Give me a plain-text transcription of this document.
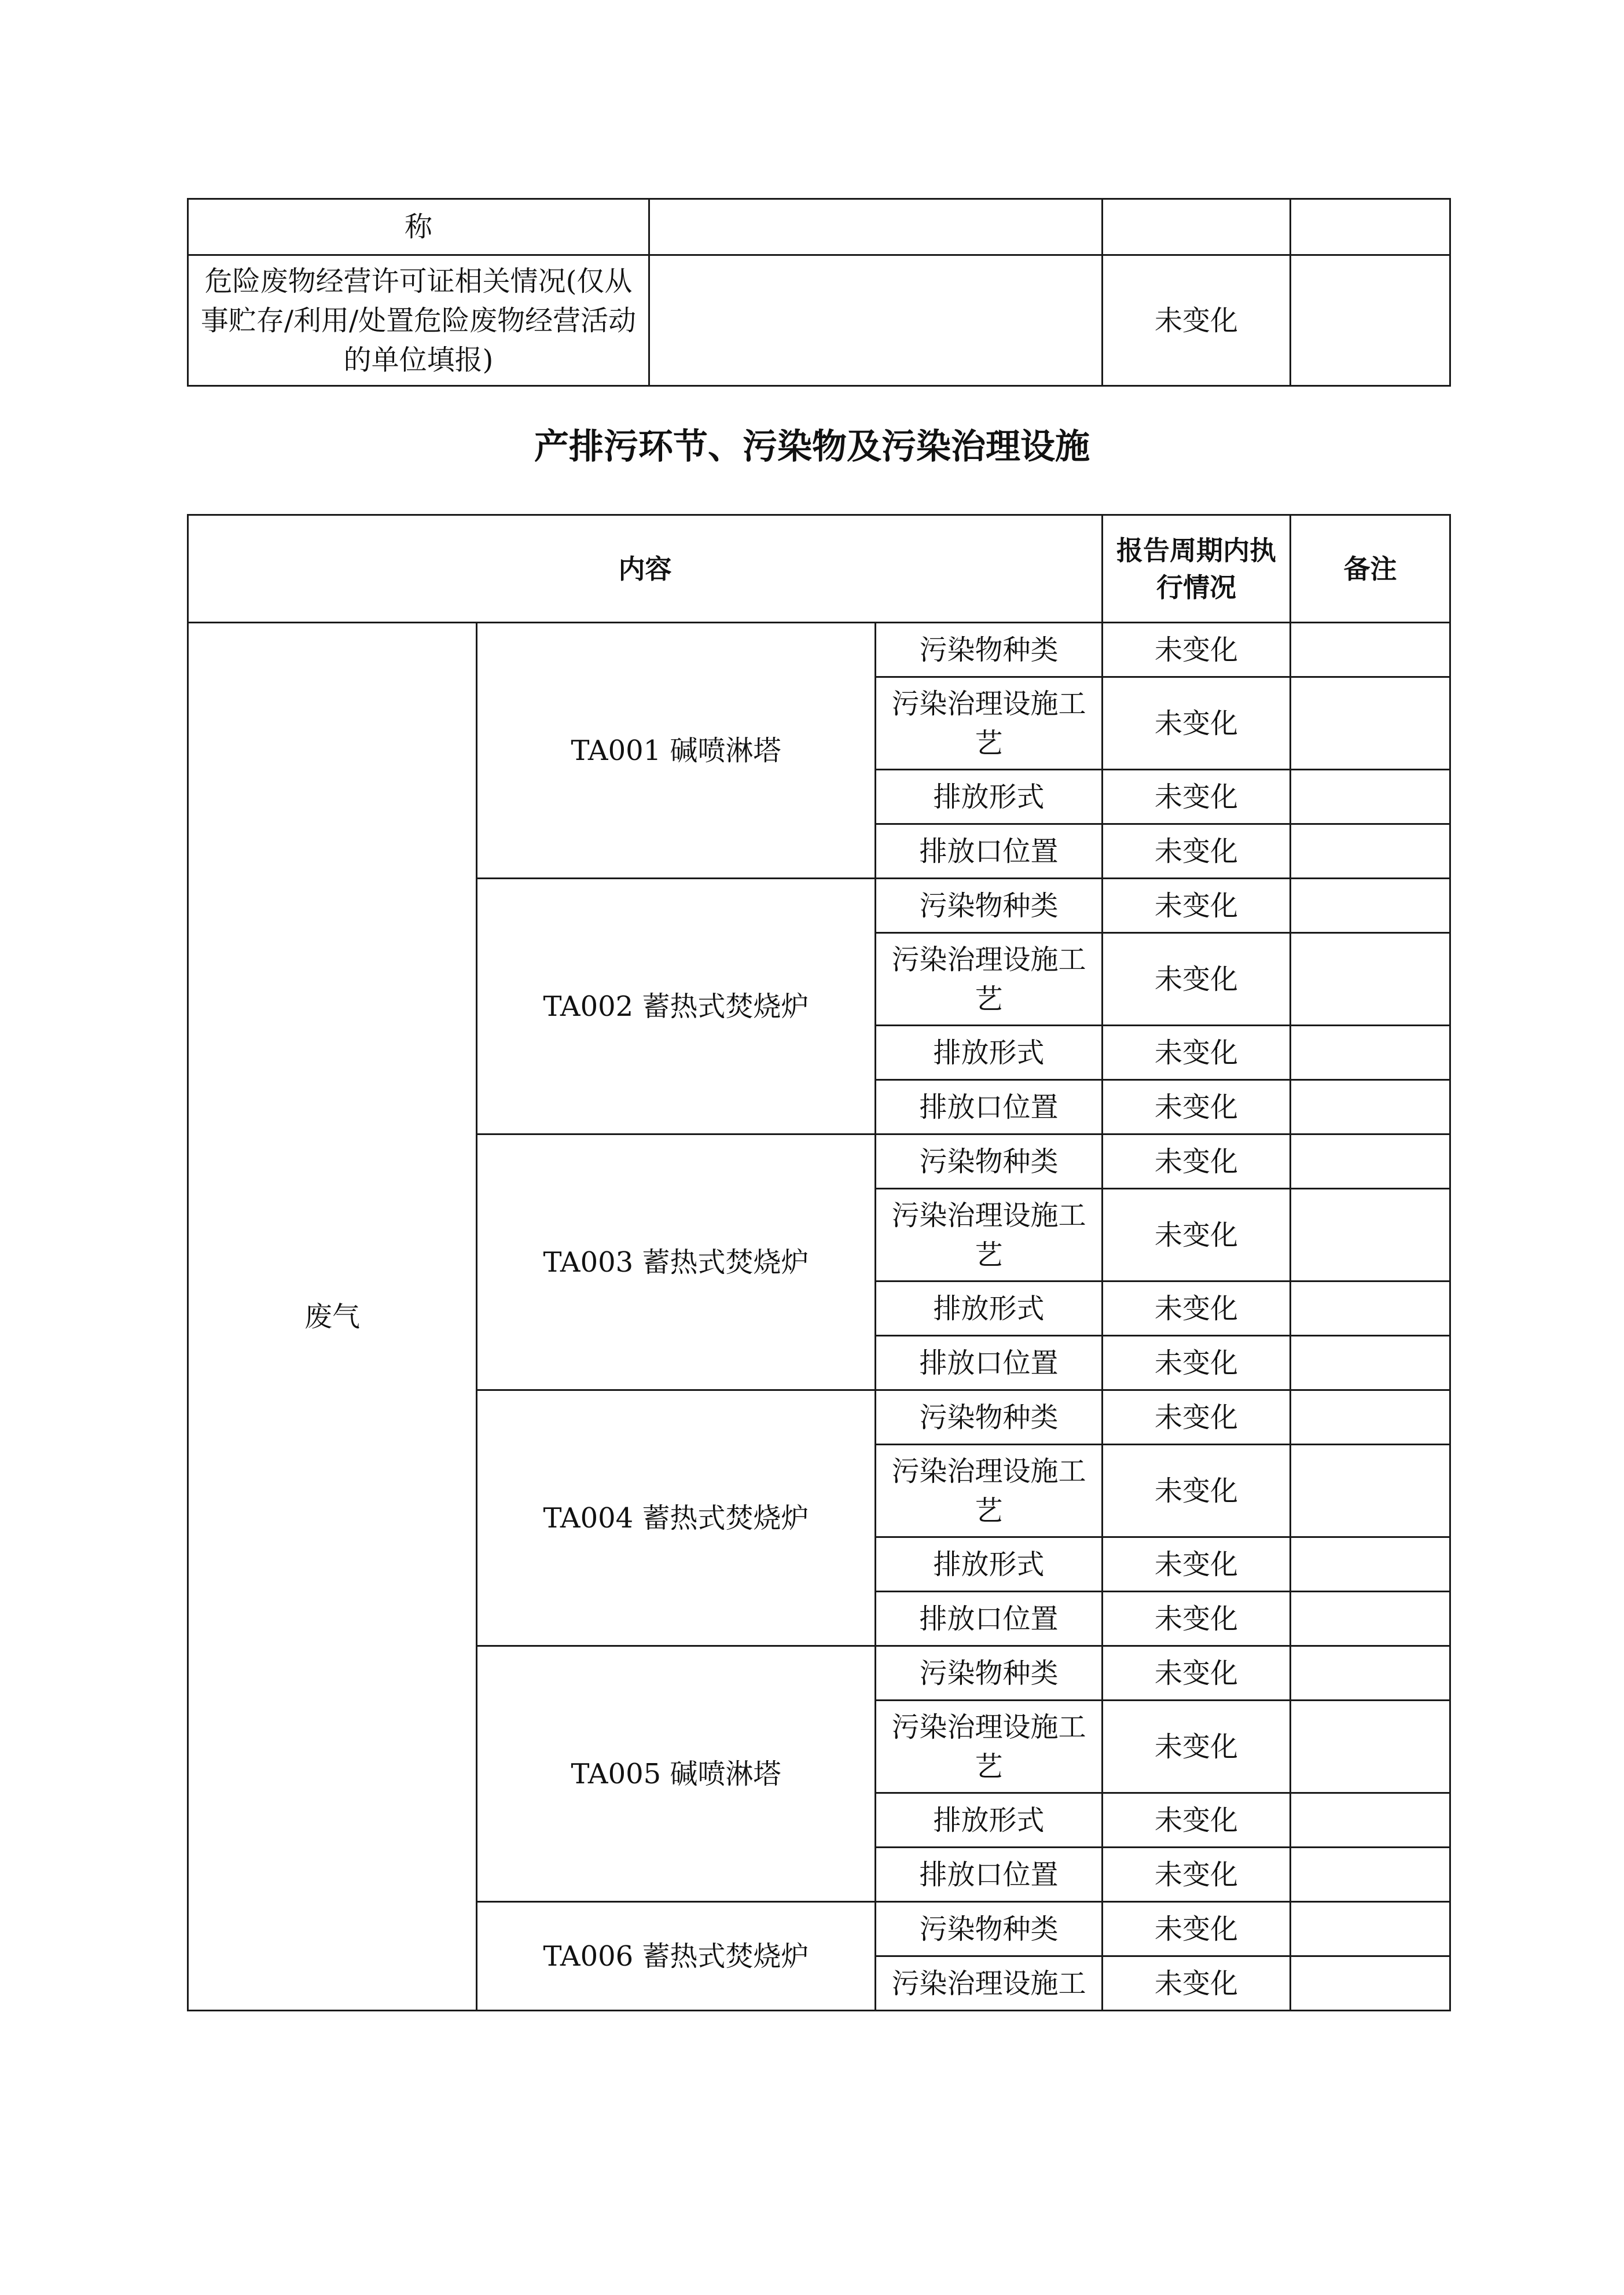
称			
危险废物经营许可证相关情况(仅从事贮存/利用/处置危险废物经营活动的单位填报)		未变化	
产排污环节、污染物及污染治理设施
内容			报告周期内执行情况	备注
废气	TA001 碱喷淋塔	污染物种类	未变化	
		污染治理设施工艺	未变化	
		排放形式	未变化	
		排放口位置	未变化	
	TA002 蓄热式焚烧炉	污染物种类	未变化	
		污染治理设施工艺	未变化	
		排放形式	未变化	
		排放口位置	未变化	
	TA003 蓄热式焚烧炉	污染物种类	未变化	
		污染治理设施工艺	未变化	
		排放形式	未变化	
		排放口位置	未变化	
	TA004 蓄热式焚烧炉	污染物种类	未变化	
		污染治理设施工艺	未变化	
		排放形式	未变化	
		排放口位置	未变化	
	TA005 碱喷淋塔	污染物种类	未变化	
		污染治理设施工艺	未变化	
		排放形式	未变化	
		排放口位置	未变化	
	TA006 蓄热式焚烧炉	污染物种类	未变化	
		污染治理设施工	未变化	
